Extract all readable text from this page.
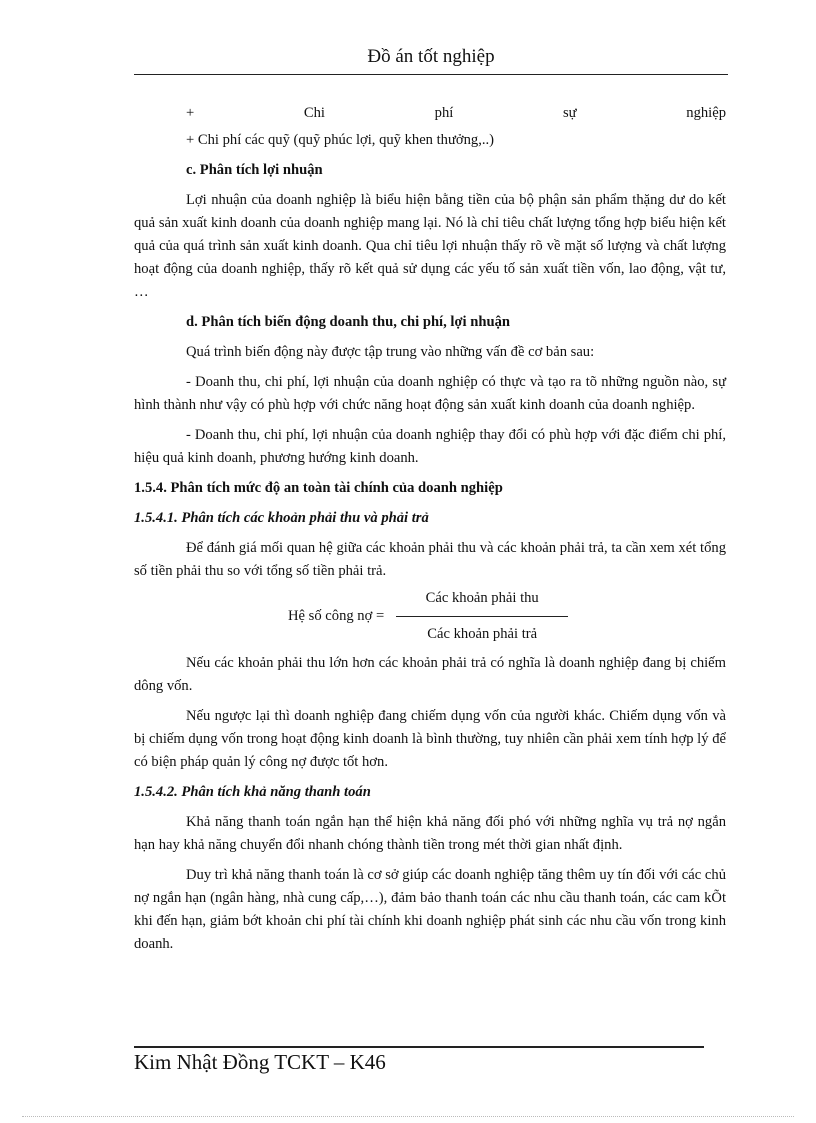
Đồ án tốt nghiệp
+	Chi	phí	sự	nghiệp

+ Chi phí các quỹ (quỹ phúc lợi, quỹ khen thưởng,..)

c. Phân tích lợi nhuận

Lợi nhuận của doanh nghiệp là biểu hiện bằng tiền của bộ phận sản phẩm thặng dư do kết quả sản xuất kinh doanh của doanh nghiệp mang lại. Nó là chỉ tiêu chất lượng tổng hợp biểu hiện kết quả của quá trình sản xuất kinh doanh. Qua chỉ tiêu lợi nhuận thấy rõ về mặt số lượng và chất lượng hoạt động của doanh nghiệp, thấy rõ kết quả sử dụng các yếu tố sản xuất tiền vốn, lao động, vật tư, …

d. Phân tích biến động doanh thu, chi phí, lợi nhuận

Quá trình biến động này được tập trung vào những vấn đề cơ bản sau:

- Doanh thu, chi phí, lợi nhuận của doanh nghiệp có thực và tạo ra tõ những nguồn nào, sự hình thành như vậy có phù hợp với chức năng hoạt động sản xuất kinh doanh của doanh nghiệp.

- Doanh thu, chi phí, lợi nhuận của doanh nghiệp thay đổi có phù hợp với đặc điểm chi phí, hiệu quả kinh doanh, phương hướng kinh doanh.

1.5.4. Phân tích mức độ an toàn tài chính của doanh nghiệp

1.5.4.1. Phân tích các khoản phải thu và phải trả

Để đánh giá mối quan hệ giữa các khoản phải thu và các khoản phải trả, ta cần xem xét tổng số tiền phải thu so với tổng số tiền phải trả.

Hệ số công nợ = $\frac{\text{Các khoản phải thu}}{\text{Các khoản phải trả}}$

Nếu các khoản phải thu lớn hơn các khoản phải trả có nghĩa là doanh nghiệp đang bị chiếm dông vốn.

Nếu ngược lại thì doanh nghiệp đang chiếm dụng vốn của người khác. Chiếm dụng vốn và bị chiếm dụng vốn trong hoạt động kinh doanh là bình thường, tuy nhiên cần phải xem tính hợp lý để có biện pháp quản lý công nợ được tốt hơn.

1.5.4.2. Phân tích khả năng thanh toán

Khả năng thanh toán ngắn hạn thể hiện khả năng đối phó với những nghĩa vụ trả nợ ngắn hạn hay khả năng chuyển đổi nhanh chóng thành tiền trong mét thời gian nhất định.

Duy trì khả năng thanh toán là cơ sở giúp các doanh nghiệp tăng thêm uy tín đối với các chủ nợ ngắn hạn (ngân hàng, nhà cung cấp,…), đảm bảo thanh toán các nhu cầu thanh toán, các cam kÕt khi đến hạn, giảm bớt khoản chi phí tài chính khi doanh nghiệp phát sinh các nhu cầu vốn trong kinh doanh.

Kim Nhật Đồng TCKT – K46
